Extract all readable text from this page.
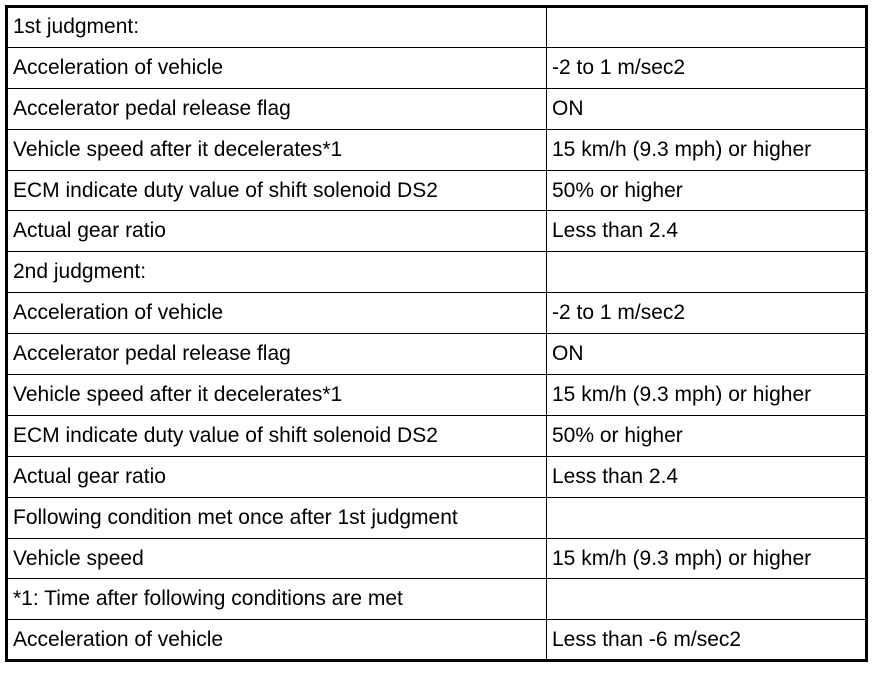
1st judgment:	
Acceleration of vehicle	-2 to 1 m/sec2
Accelerator pedal release flag	ON
Vehicle speed after it decelerates*1	15 km/h (9.3 mph) or higher
ECM indicate duty value of shift solenoid DS2	50% or higher
Actual gear ratio	Less than 2.4
2nd judgment:	
Acceleration of vehicle	-2 to 1 m/sec2
Accelerator pedal release flag	ON
Vehicle speed after it decelerates*1	15 km/h (9.3 mph) or higher
ECM indicate duty value of shift solenoid DS2	50% or higher
Actual gear ratio	Less than 2.4
Following condition met once after 1st judgment	
Vehicle speed	15 km/h (9.3 mph) or higher
*1: Time after following conditions are met	
Acceleration of vehicle	Less than -6 m/sec2
